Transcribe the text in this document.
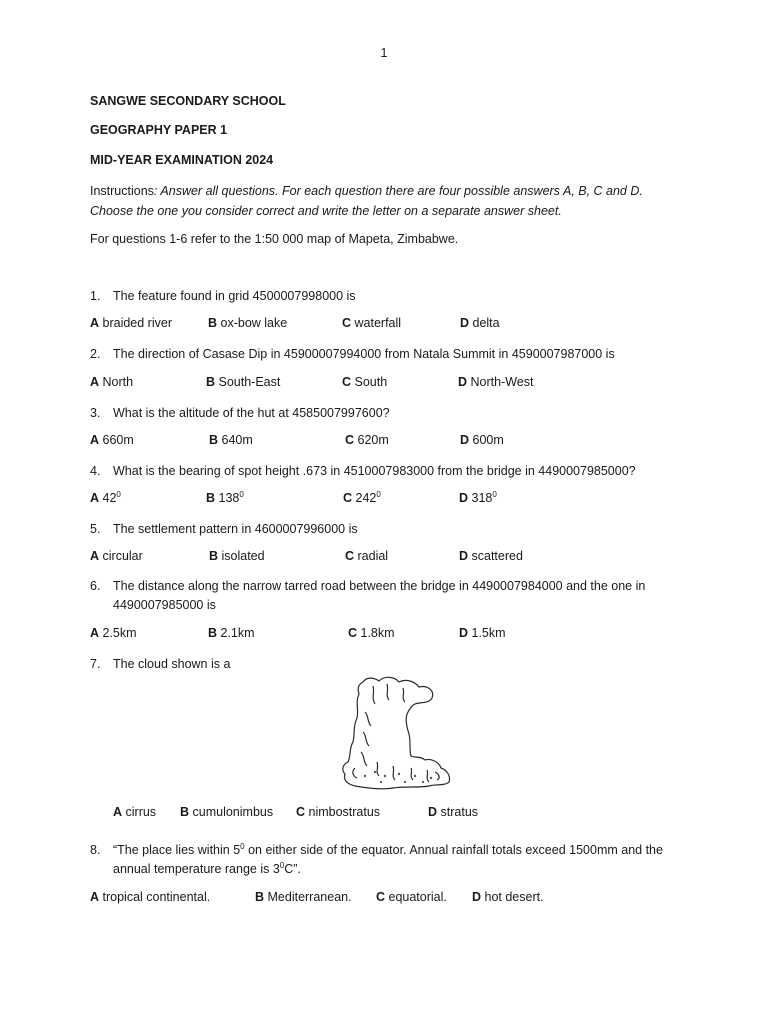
1
SANGWE SECONDARY SCHOOL
GEOGRAPHY PAPER 1
MID-YEAR EXAMINATION 2024
Instructions: Answer all questions. For each question there are four possible answers A, B, C and D.
Choose the one you consider correct and write the letter on a separate answer sheet.
For questions 1-6 refer to the 1:50 000 map of Mapeta, Zimbabwe.
1. The feature found in grid 4500007998000 is
A braided river	B ox-bow lake	C waterfall	D delta
2. The direction of Casase Dip in 45900007994000 from Natala Summit in 4590007987000 is
A North	B South-East	C South	D North-West
3. What is the altitude of the hut at 4585007997600?
A 660m	B 640m	C 620m	D 600m
4. What is the bearing of spot height .673 in 4510007983000 from the bridge in 4490007985000?
A $42^0$	B $138^0$	C $242^0$	D $318^0$
5. The settlement pattern in 4600007996000 is
A circular	B isolated	C radial	D scattered
6. The distance along the narrow tarred road between the bridge in 4490007984000 and the one in 4490007985000 is
A 2.5km	B 2.1km	C 1.8km	D 1.5km
7. The cloud shown is a
A cirrus B cumulonimbus C nimbostratus	D stratus
8. “The place lies within $5^0$ on either side of the equator. Annual rainfall totals exceed 1500mm and the annual temperature range is $3^0C$”.
A tropical continental.	B Mediterranean. C equatorial. D hot desert.
